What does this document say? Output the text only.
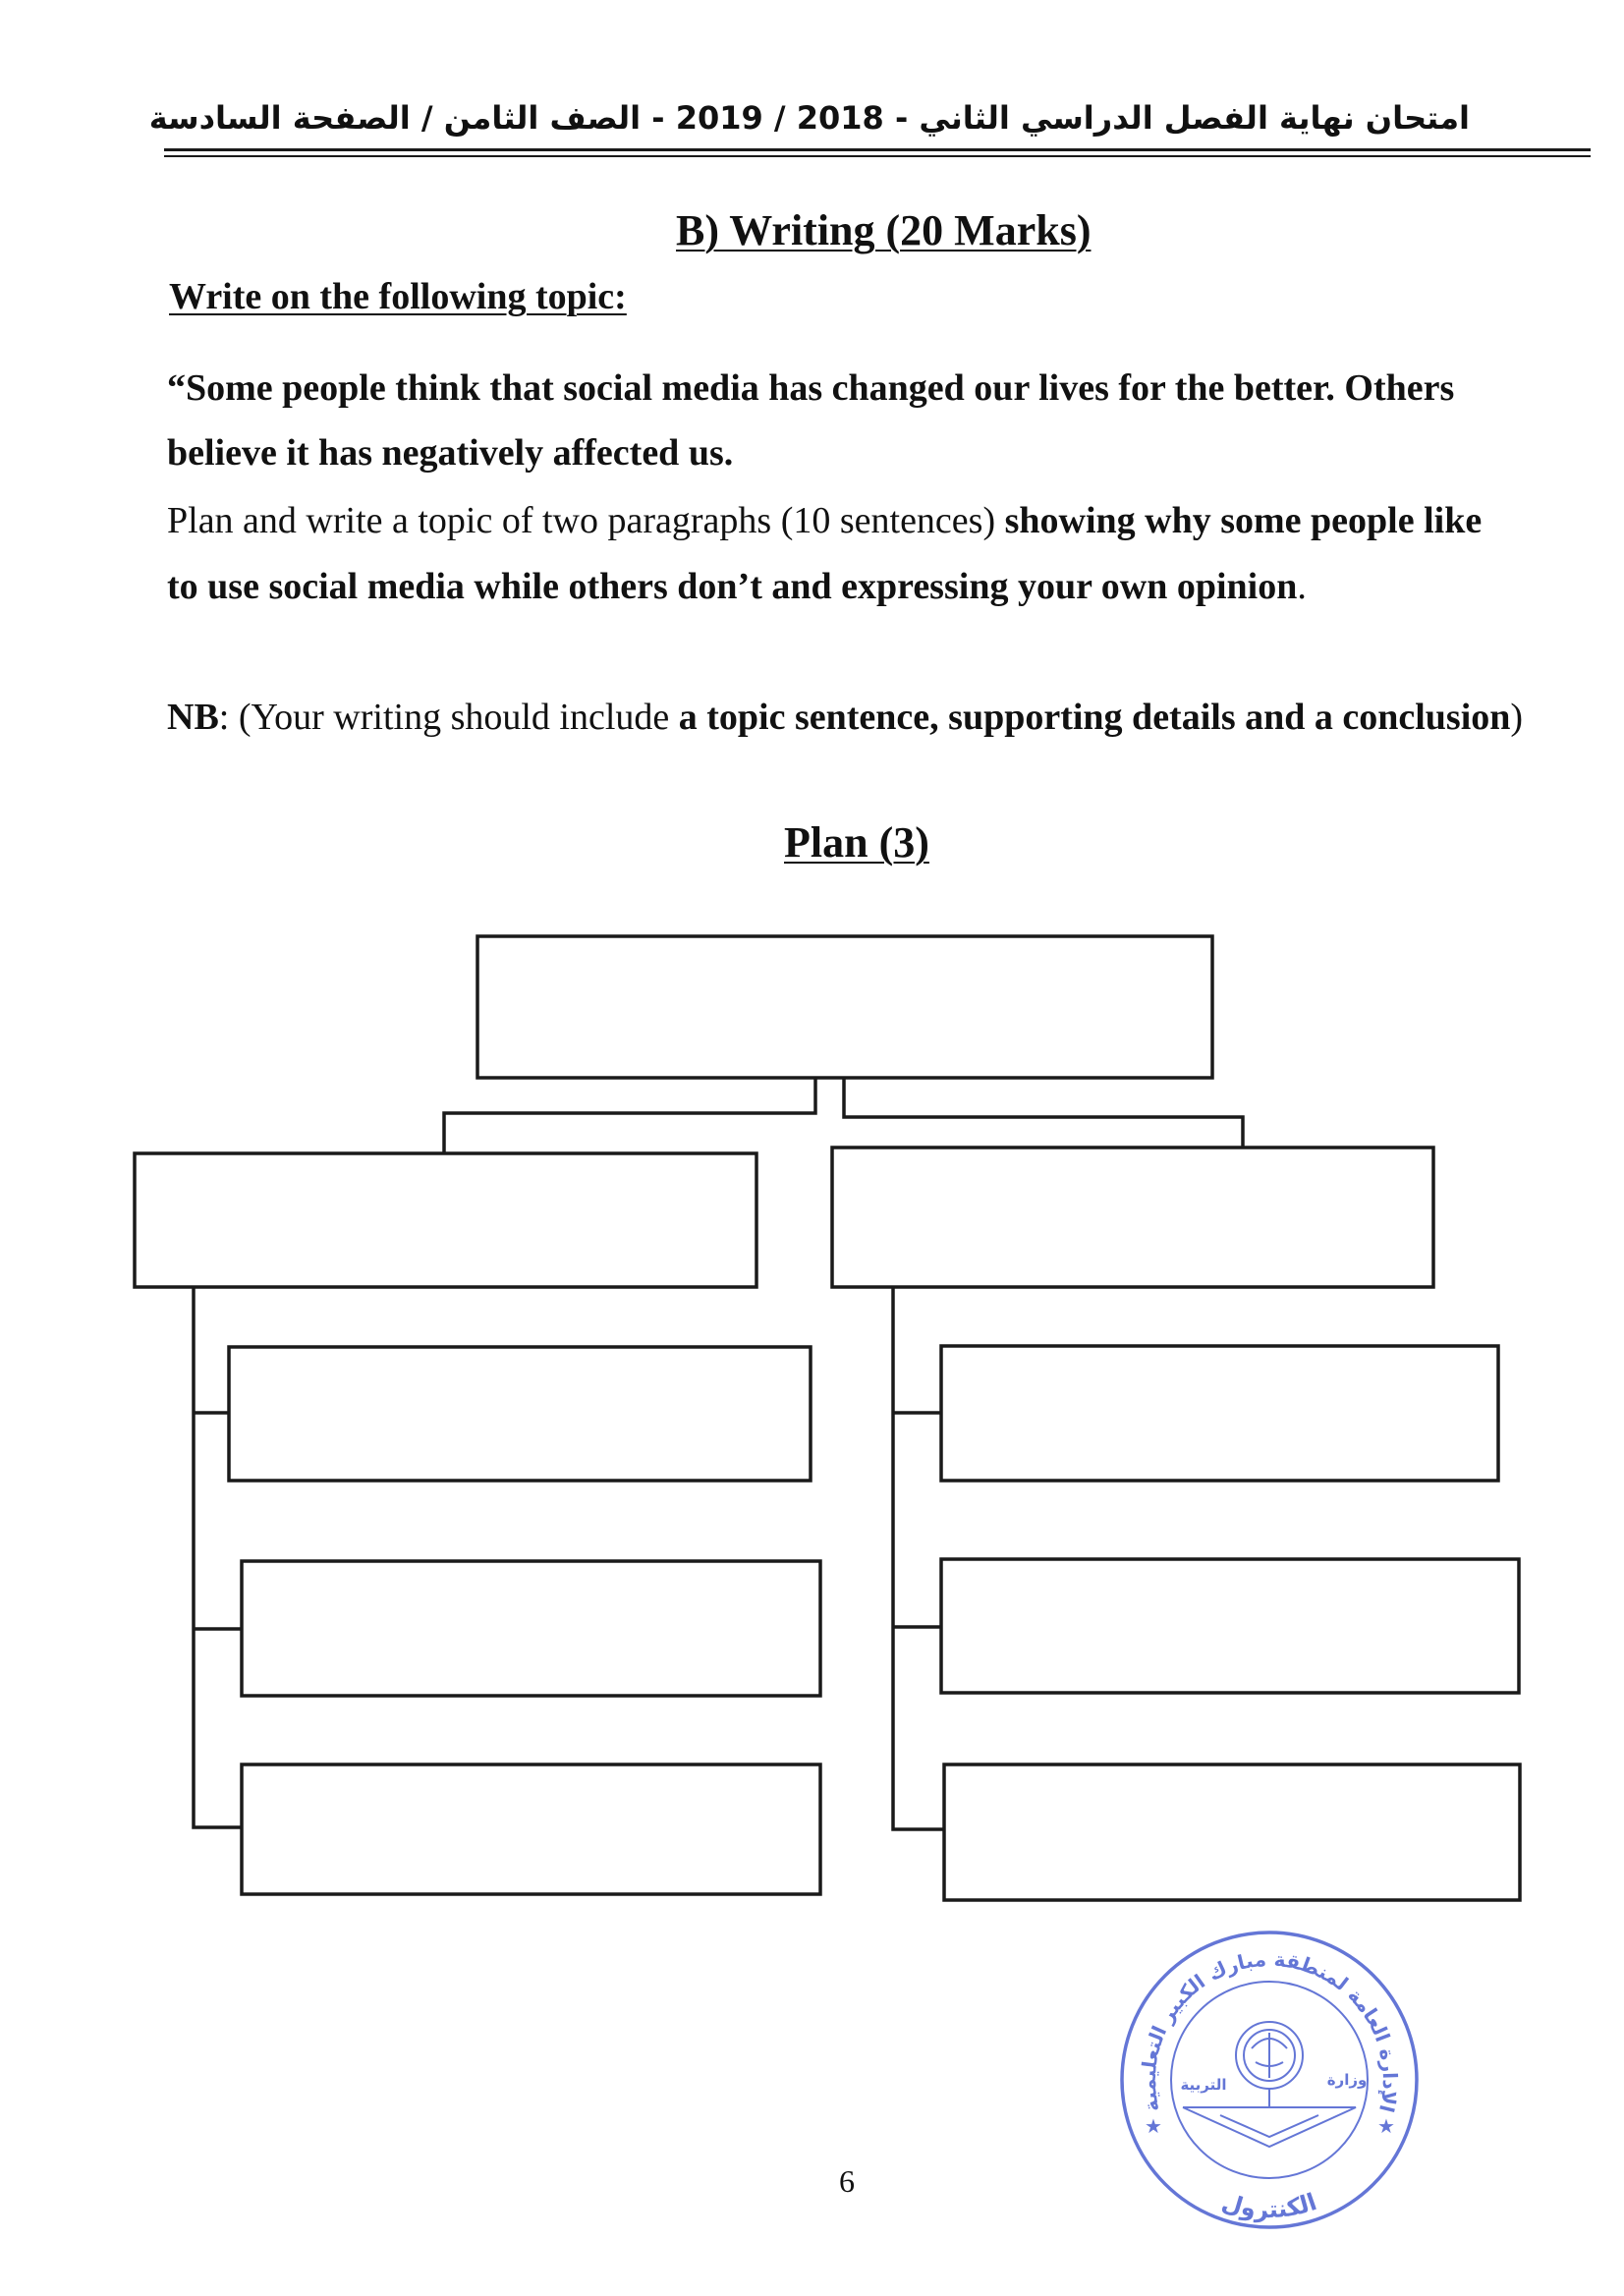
امتحان نهاية الفصل الدراسي الثاني - 2018 / 2019 - الصف الثامن / الصفحة السادسة
B) Writing (20 Marks)
Write on the following topic:
“Some people think that social media has changed our lives for the better. Others
believe it has negatively affected us.
Plan and write a topic of two paragraphs (10 sentences) showing why some people like
to use social media while others don’t and expressing your own opinion.
NB: (Your writing should include a topic sentence, supporting details and a conclusion)
Plan (3)
الإدارة العامة لمنطقة مبارك الكبير التعليمية
الكنترول
★	★
التربية	وزارة
6
